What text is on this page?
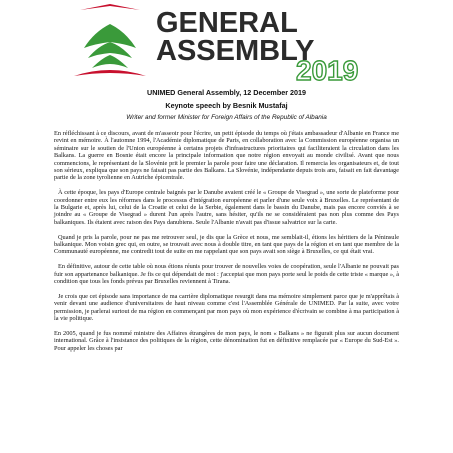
GENERAL
ASSEMBLY
2019
UNIMED General Assembly, 12 December 2019
Keynote speech by Besnik Mustafaj
Writer and former Minister for Foreign Affairs of the Republic of Albania

En réfléchissant à ce discours, avant de m'asseoir pour l'écrire, un petit épisode du temps où j'étais ambassadeur d'Albanie en France me revint en mémoire. À l'automne 1994, l'Académie diplomatique de Paris, en collaboration avec la Commission européenne organisa un séminaire sur le soutien de l'Union européenne à certains projets d'infrastructures prioritaires qui faciliteraient la circulation dans les Balkans. La guerre en Bosnie était encore la principale information que notre région envoyait au monde civilisé. Avant que nous commencions, le représentant de la Slovénie prit le premier la parole pour faire une déclaration. Il remercia les organisateurs et, de tout son sérieux, expliqua que son pays ne faisait pas partie des Balkans. La Slovénie, indépendante depuis trois ans, faisait en fait davantage partie de la zone tyrolienne en Autriche épicentrale.

À cette époque, les pays d'Europe centrale baignés par le Danube avaient créé le « Groupe de Visegrad », une sorte de plateforme pour coordonner entre eux les réformes dans le processus d'intégration européenne et parler d'une seule voix à Bruxelles. Le représentant de la Bulgarie et, après lui, celui de la Croatie et celui de la Serbie, également dans le bassin du Danube, mais pas encore conviés à se joindre au « Groupe de Visegrad » durent l'un après l'autre, sans hésiter, qu'ils ne se considéraient pas non plus comme des Pays balkaniques. Ils étaient avec raison des Pays danubiens. Seule l'Albanie n'avait pas d'issue salvatrice sur la carte.

Quand je pris la parole, pour ne pas me retrouver seul, je dis que la Grèce et nous, me semblait-il, étions les héritiers de la Péninsule balkanique. Mon voisin grec qui, en outre, se trouvait avec nous à double titre, en tant que pays de la région et en tant que membre de la Communauté européenne, me contredit tout de suite en me rappelant que son pays avait son siège à Bruxelles, ce qui était vrai.

En définitive, autour de cette table où nous étions réunis pour trouver de nouvelles voies de coopération, seule l'Albanie ne pouvait pas fuir son appartenance balkanique. Je fis ce qui dépendait de moi : j'acceptai que mon pays porte seul le poids de cette triste « marque », à condition que tous les fonds prévus par Bruxelles reviennent à Tirana.

Je crois que cet épisode sans importance de ma carrière diplomatique resurgit dans ma mémoire simplement parce que je m'apprêtais à venir devant une audience d'universitaires de haut niveau comme c'est l'Assemblée Générale de UNIMED. Par la suite, avec votre permission, je parlerai surtout de ma région en commençant par mon pays où mon expérience d'écrivain se combine à ma participation à la vie politique.

En 2005, quand je fus nommé ministre des Affaires étrangères de mon pays, le nom « Balkans » ne figurait plus sur aucun document international. Grâce à l'insistance des politiques de la région, cette dénomination fut en définitive remplacée par « Europe du Sud-Est ». Pour appeler les choses par
